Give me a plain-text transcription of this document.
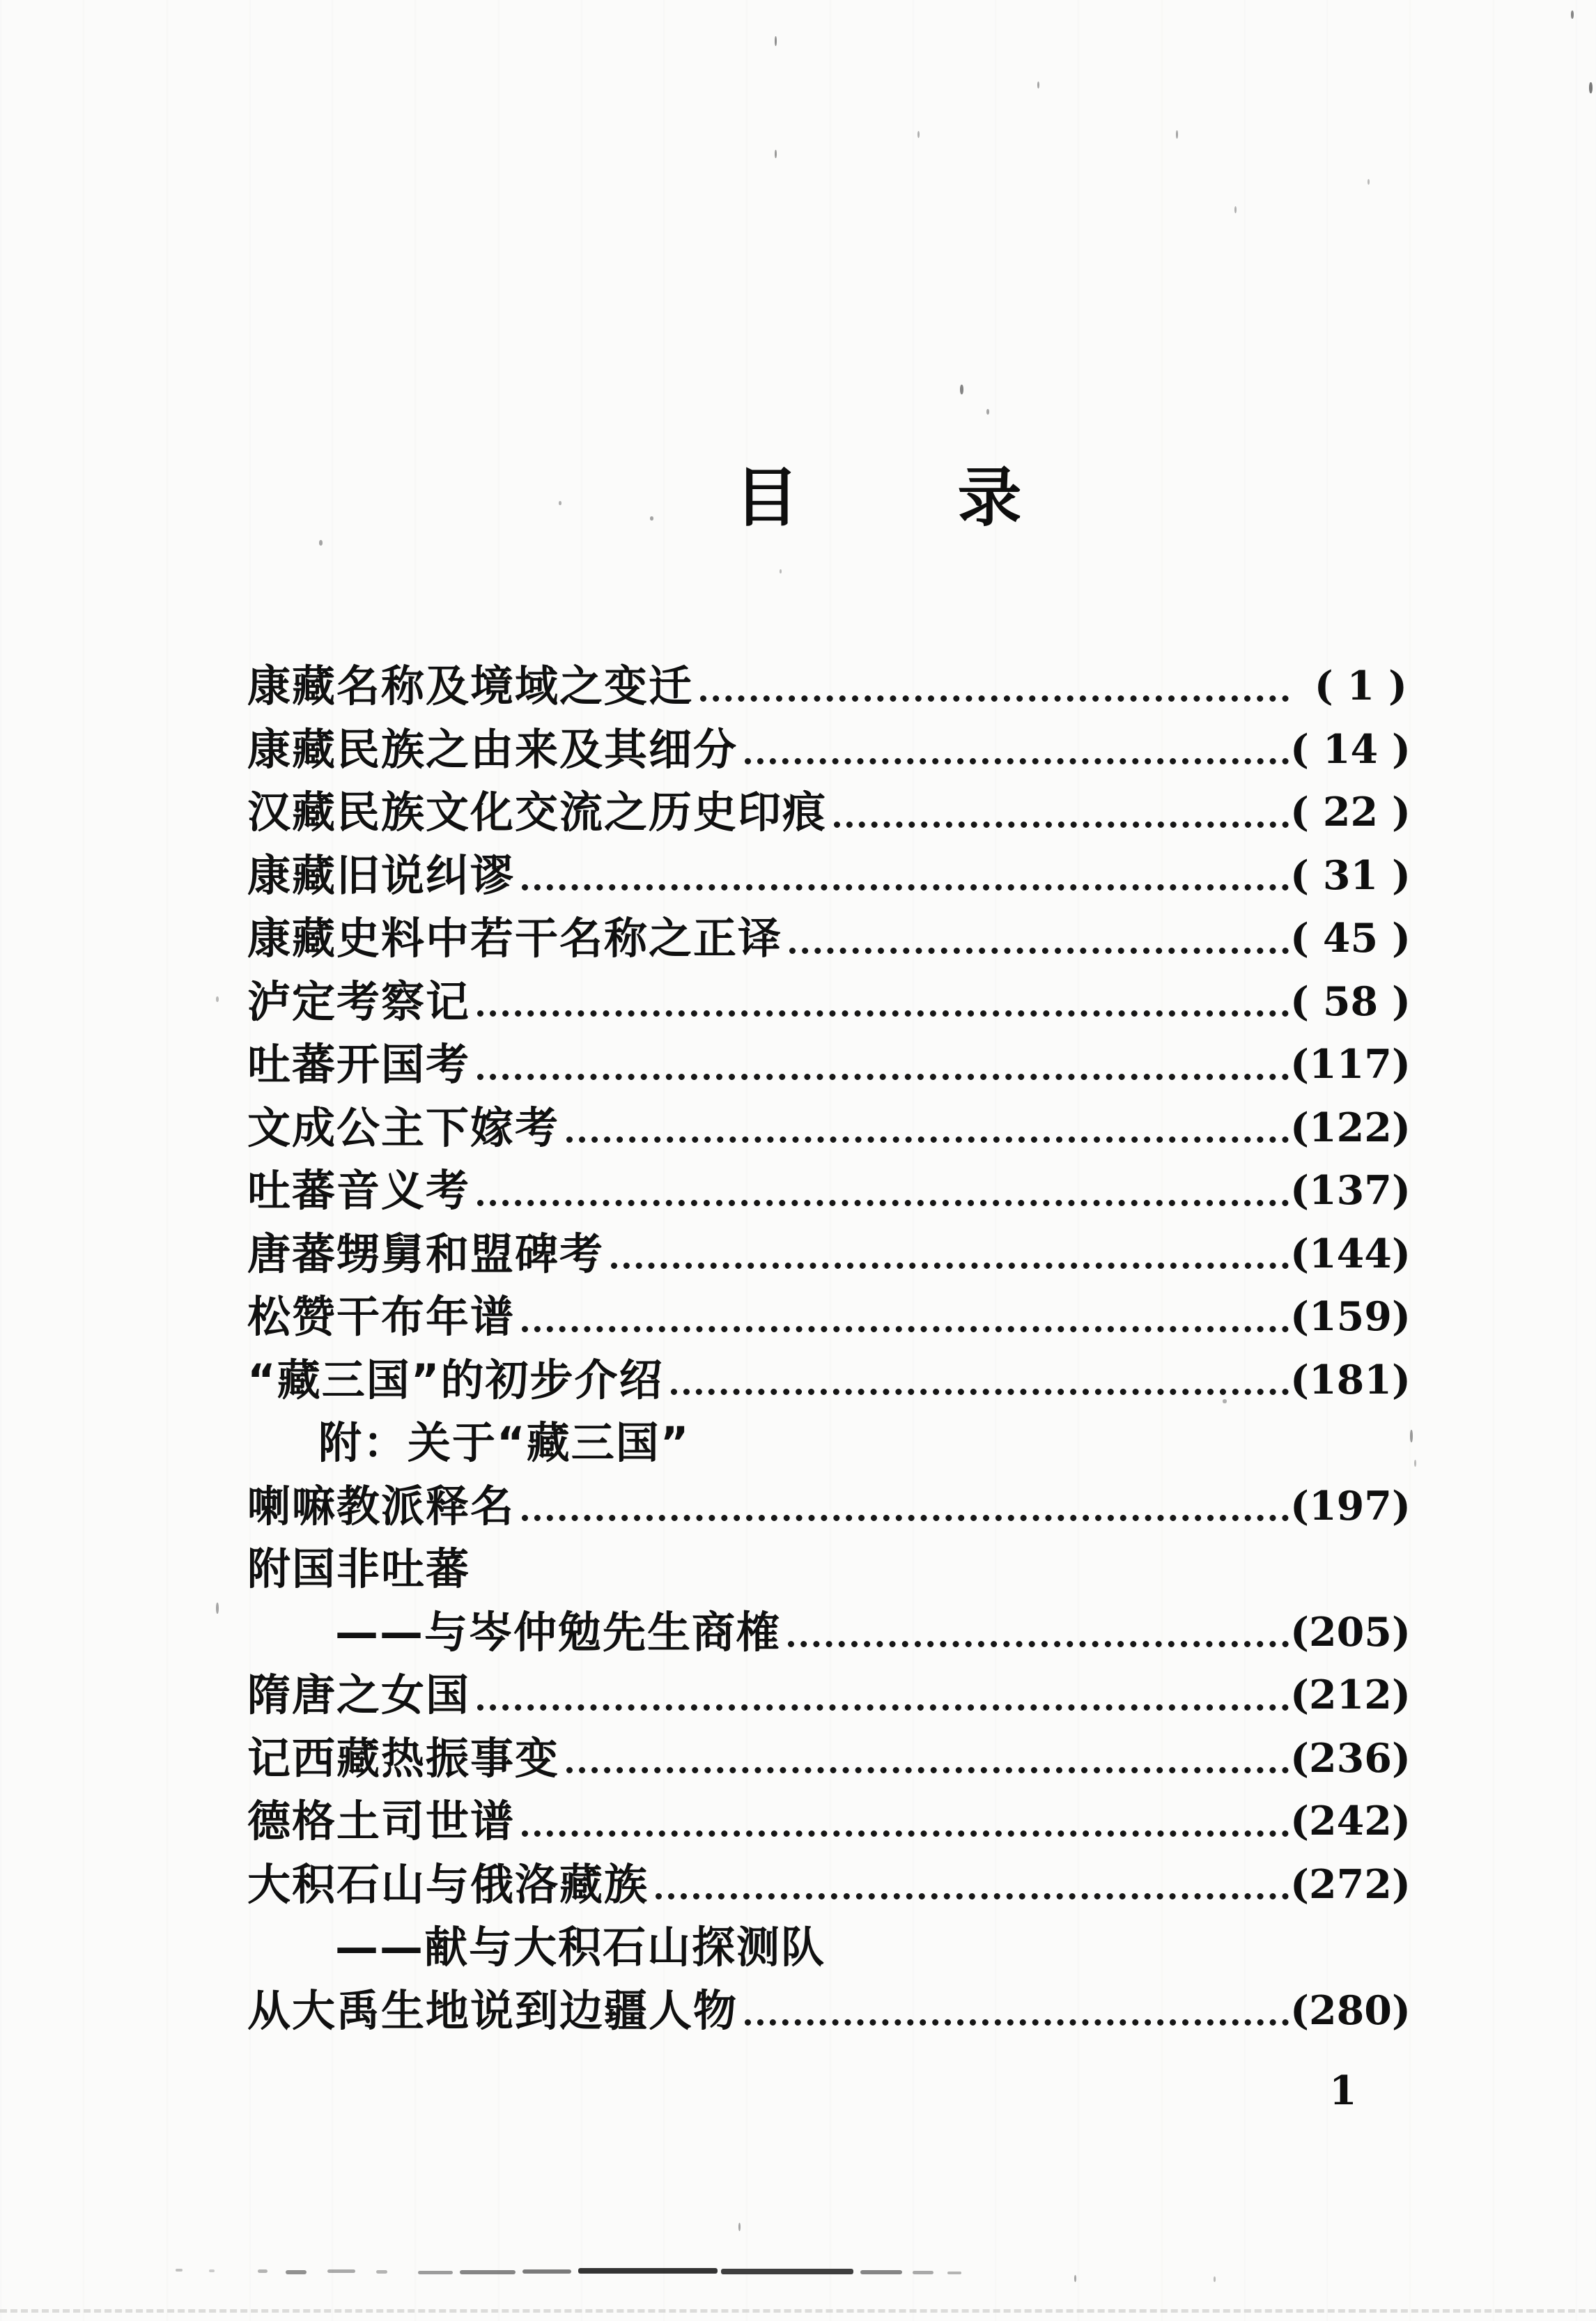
目 录
康藏名称及境域之变迁	( 1 )
康藏民族之由来及其细分	( 14 )
汉藏民族文化交流之历史印痕	( 22 )
康藏旧说纠谬	( 31 )
康藏史料中若干名称之正译	( 45 )
泸定考察记	( 58 )
吐蕃开国考	(117)
文成公主下嫁考	(122)
吐蕃音义考	(137)
唐蕃甥舅和盟碑考	(144)
松赞干布年谱	(159)
“藏三国”的初步介绍	(181)
附：关于“藏三国”
喇嘛教派释名	(197)
附国非吐蕃
——与岑仲勉先生商榷	(205)
隋唐之女国	(212)
记西藏热振事变	(236)
德格土司世谱	(242)
大积石山与俄洛藏族	(272)
——献与大积石山探测队
从大禹生地说到边疆人物	(280)
1
